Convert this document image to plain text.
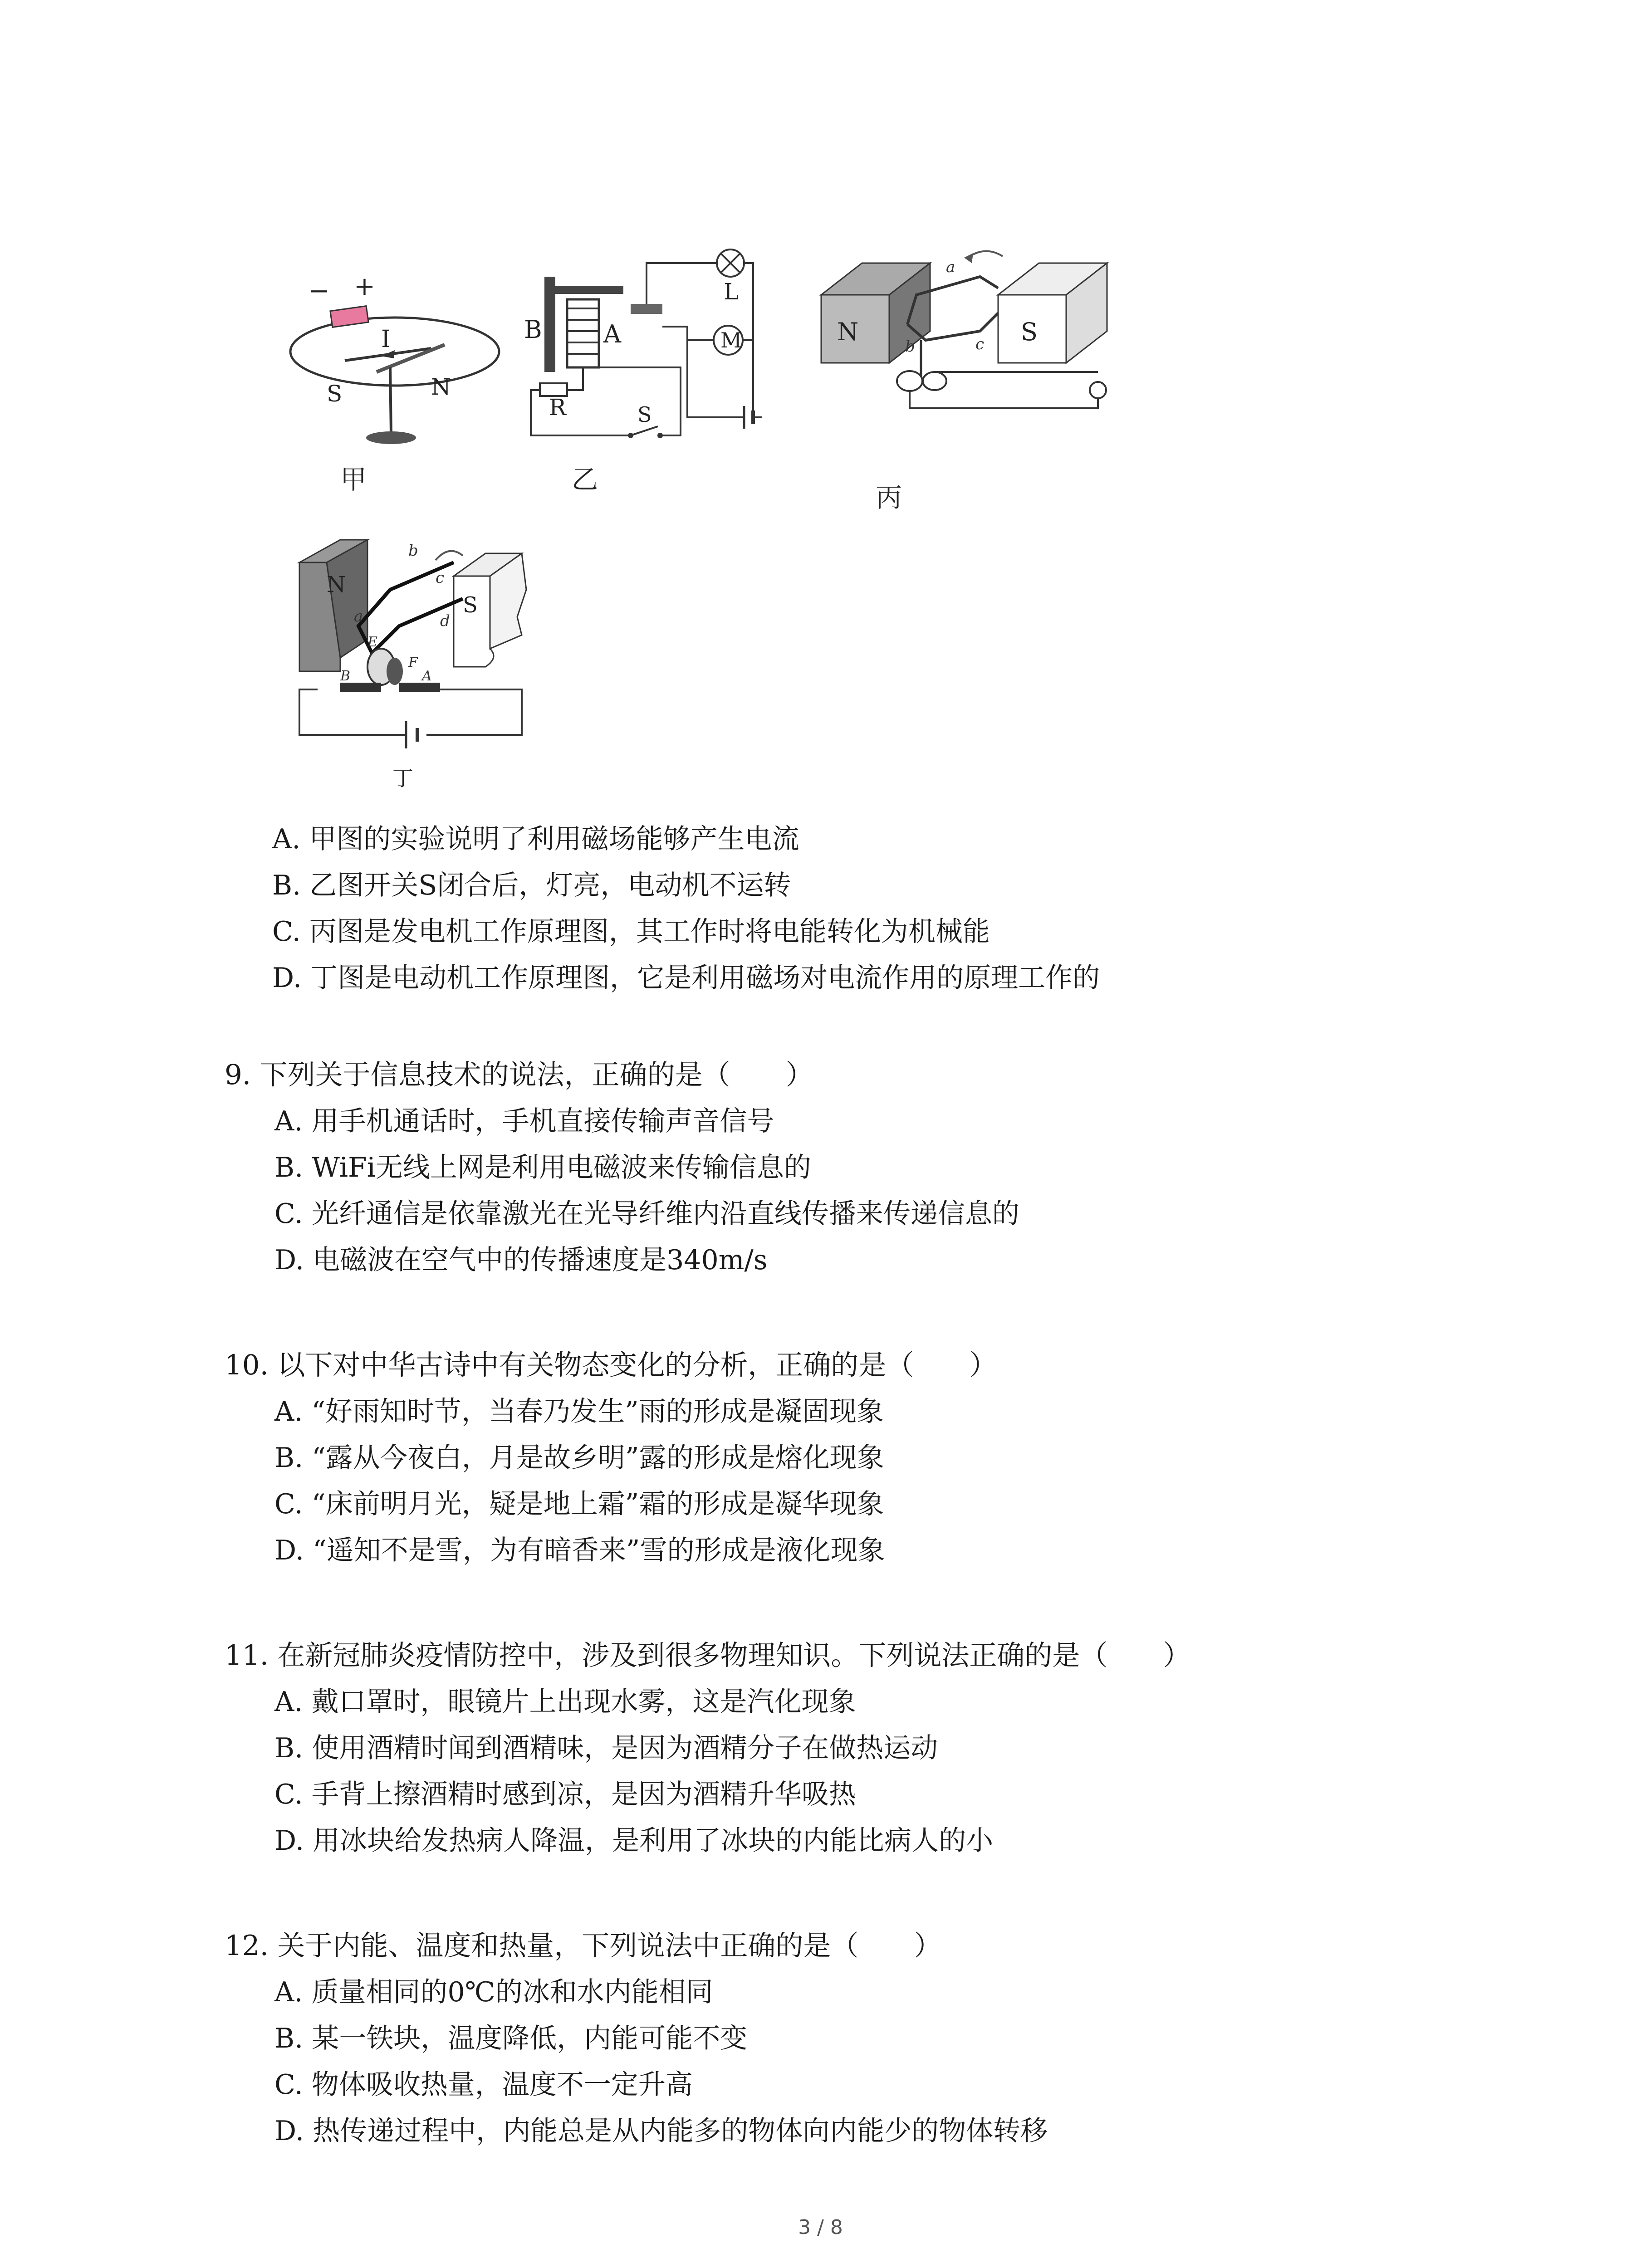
− +
I
S	N
甲
B	A
R	S
L
M
乙
N	S
a
b	c
丙
N
S
a
b
c
d
E
F
A
B
丁
A. 甲图的实验说明了利用磁场能够产生电流
B. 乙图开关S闭合后，灯亮，电动机不运转
C. 丙图是发电机工作原理图，其工作时将电能转化为机械能
D. 丁图是电动机工作原理图，它是利用磁场对电流作用的原理工作的
9. 下列关于信息技术的说法，正确的是（　　）
A. 用手机通话时，手机直接传输声音信号
B. WiFi无线上网是利用电磁波来传输信息的
C. 光纤通信是依靠激光在光导纤维内沿直线传播来传递信息的
D. 电磁波在空气中的传播速度是340m/s
10. 以下对中华古诗中有关物态变化的分析，正确的是（　　）
A. “好雨知时节，当春乃发生”雨的形成是凝固现象
B. “露从今夜白，月是故乡明”露的形成是熔化现象
C. “床前明月光，疑是地上霜”霜的形成是凝华现象
D. “遥知不是雪，为有暗香来”雪的形成是液化现象
11. 在新冠肺炎疫情防控中，涉及到很多物理知识。下列说法正确的是（　　）
A. 戴口罩时，眼镜片上出现水雾，这是汽化现象
B. 使用酒精时闻到酒精味，是因为酒精分子在做热运动
C. 手背上擦酒精时感到凉，是因为酒精升华吸热
D. 用冰块给发热病人降温，是利用了冰块的内能比病人的小
12. 关于内能、温度和热量，下列说法中正确的是（　　）
A. 质量相同的0℃的冰和水内能相同
B. 某一铁块，温度降低，内能可能不变
C. 物体吸收热量，温度不一定升高
D. 热传递过程中，内能总是从内能多的物体向内能少的物体转移
3 / 8
